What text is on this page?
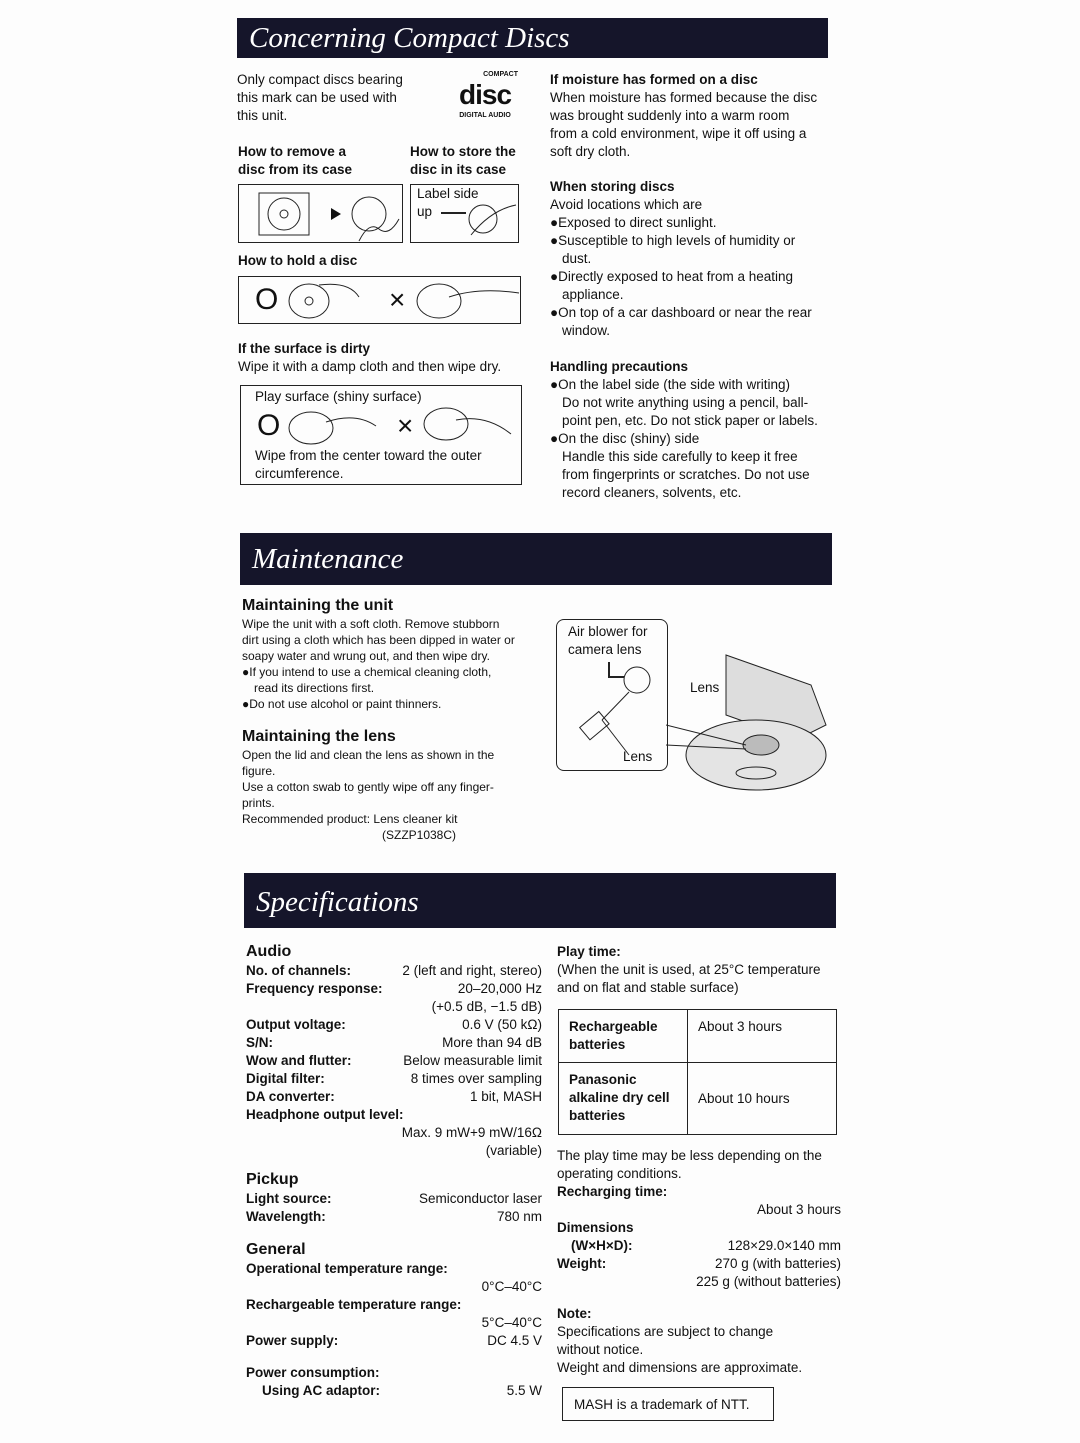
Concerning Compact Discs
Only compact discs bearing
this mark can be used with
this unit.
COMPACT
disc
DIGITAL AUDIO
How to remove a
disc from its case
How to store the
disc in its case
Label side
up
How to hold a disc
O	×
If the surface is dirty
Wipe it with a damp cloth and then wipe dry.
Play surface (shiny surface)
O	×
Wipe from the center toward the outer
circumference.
If moisture has formed on a disc
When moisture has formed because the disc
was brought suddenly into a warm room
from a cold environment, wipe it off using a
soft dry cloth.
When storing discs
Avoid locations which are
●Exposed to direct sunlight.
●Susceptible to high levels of humidity or
dust.
●Directly exposed to heat from a heating
appliance.
●On top of a car dashboard or near the rear
window.
Handling precautions
●On the label side (the side with writing)
Do not write anything using a pencil, ball-
point pen, etc. Do not stick paper or labels.
●On the disc (shiny) side
Handle this side carefully to keep it free
from fingerprints or scratches. Do not use
record cleaners, solvents, etc.
Maintenance
Maintaining the unit
Wipe the unit with a soft cloth. Remove stubborn
dirt using a cloth which has been dipped in water or
soapy water and wrung out, and then wipe dry.
●If you intend to use a chemical cleaning cloth,
read its directions first.
●Do not use alcohol or paint thinners.
Maintaining the lens
Open the lid and clean the lens as shown in the
figure.
Use a cotton swab to gently wipe off any finger-
prints.
Recommended product: Lens cleaner kit
(SZZP1038C)
Air blower for
camera lens
Lens
Lens
Specifications
Audio
No. of channels:	2 (left and right, stereo)
Frequency response:	20–20,000 Hz
(+0.5 dB, −1.5 dB)
Output voltage:	0.6 V (50 kΩ)
S/N:	More than 94 dB
Wow and flutter:	Below measurable limit
Digital filter:	8 times over sampling
DA converter:	1 bit, MASH
Headphone output level:
Max. 9 mW+9 mW/16Ω
(variable)
Pickup
Light source:	Semiconductor laser
Wavelength:	780 nm
General
Operational temperature range:
0°C–40°C
Rechargeable temperature range:
5°C–40°C
Power supply:	DC 4.5 V
Power consumption:
Using AC adaptor:	5.5 W
Play time:
(When the unit is used, at 25°C temperature
and on flat and stable surface)
Rechargeable
batteries	About 3 hours

Panasonic
alkaline dry cell
batteries	About 10 hours
The play time may be less depending on the
operating conditions.
Recharging time:
About 3 hours
Dimensions
(W×H×D):	128×29.0×140 mm
Weight:	270 g (with batteries)
225 g (without batteries)
Note:
Specifications are subject to change
without notice.
Weight and dimensions are approximate.
MASH is a trademark of NTT.
